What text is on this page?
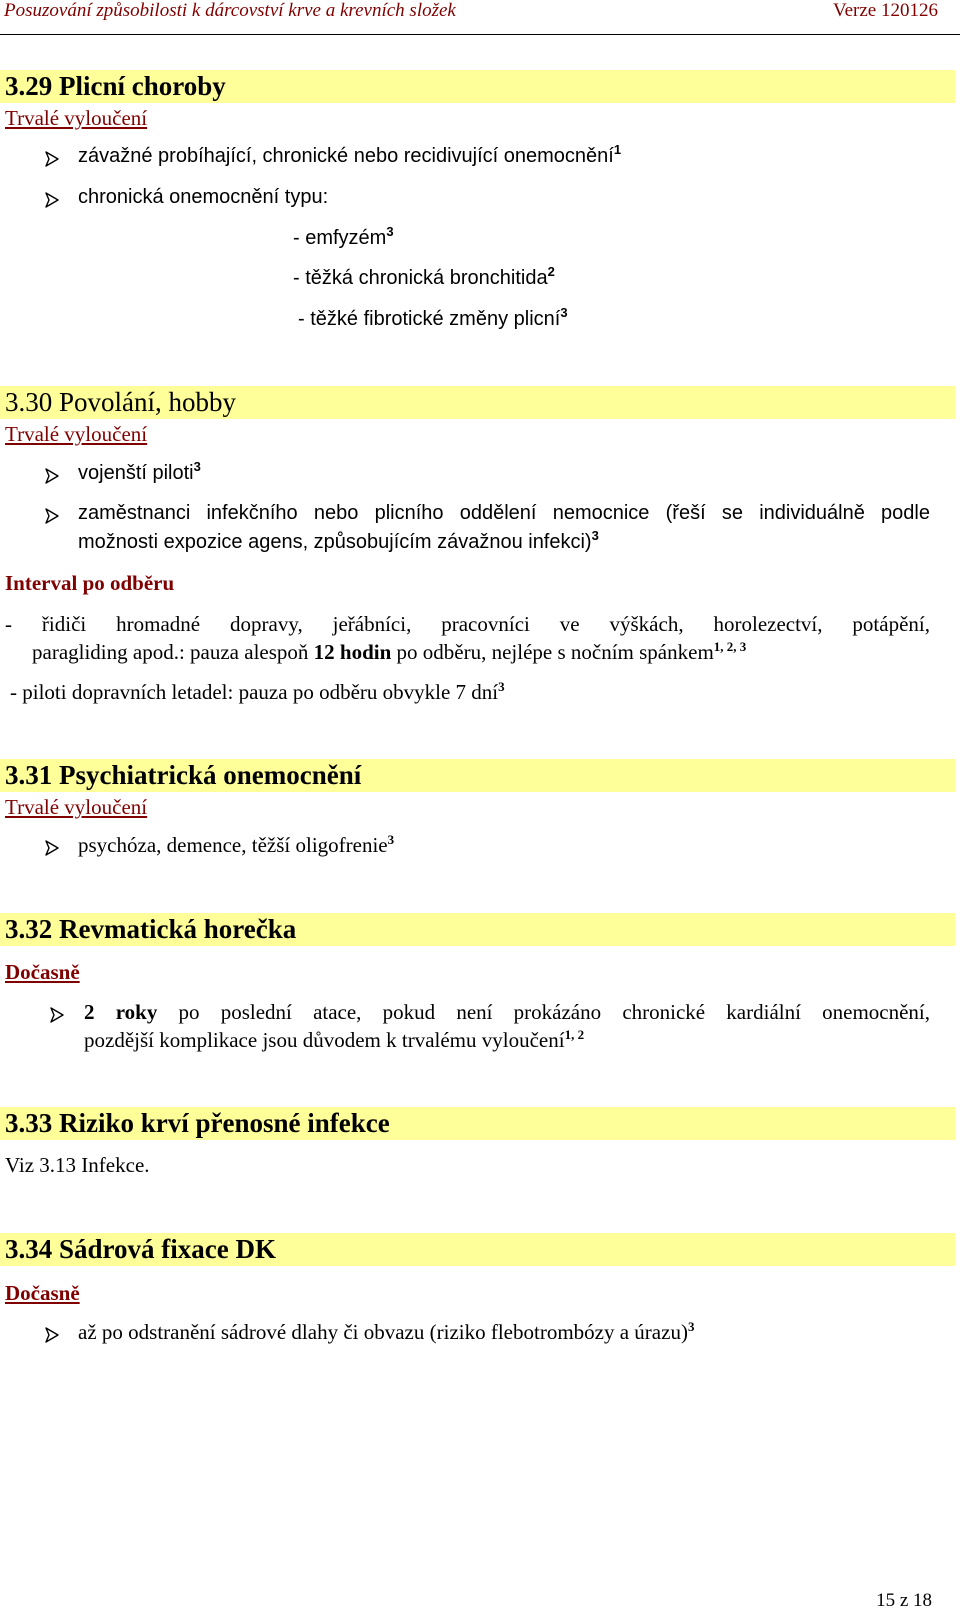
Posuzování způsobilosti k dárcovství krve a krevních složek	Verze 120126
3.29 Plicní choroby
Trvalé vyloučení
závažné probíhající, chronické nebo recidivující onemocnění$^1$
chronická onemocnění typu:
- emfyzém$^3$
- těžká chronická bronchitida$^2$
- těžké fibrotické změny plicní$^3$
3.30 Povolání, hobby
Trvalé vyloučení
vojenští piloti$^3$
zaměstnanci infekčního nebo plicního oddělení nemocnice (řeší se individuálně podle
možnosti expozice agens, způsobujícím závažnou infekci)$^3$
Interval po odběru
- řidiči hromadné dopravy, jeřábníci, pracovníci ve výškách, horolezectví, potápění,
paragliding apod.: pauza alespoň 12 hodin po odběru, nejlépe s nočním spánkem$^{1, 2, 3}$
- piloti dopravních letadel: pauza po odběru obvykle 7 dní$^3$
3.31 Psychiatrická onemocnění
Trvalé vyloučení
psychóza, demence, těžší oligofrenie$^3$
3.32 Revmatická horečka
Dočasně
2 roky po poslední atace, pokud není prokázáno chronické kardiální onemocnění,
pozdější komplikace jsou důvodem k trvalému vyloučení$^{1, 2}$
3.33 Riziko krví přenosné infekce
Viz 3.13 Infekce.
3.34 Sádrová fixace DK
Dočasně
až po odstranění sádrové dlahy či obvazu (riziko flebotrombózy a úrazu)$^3$
15 z 18
